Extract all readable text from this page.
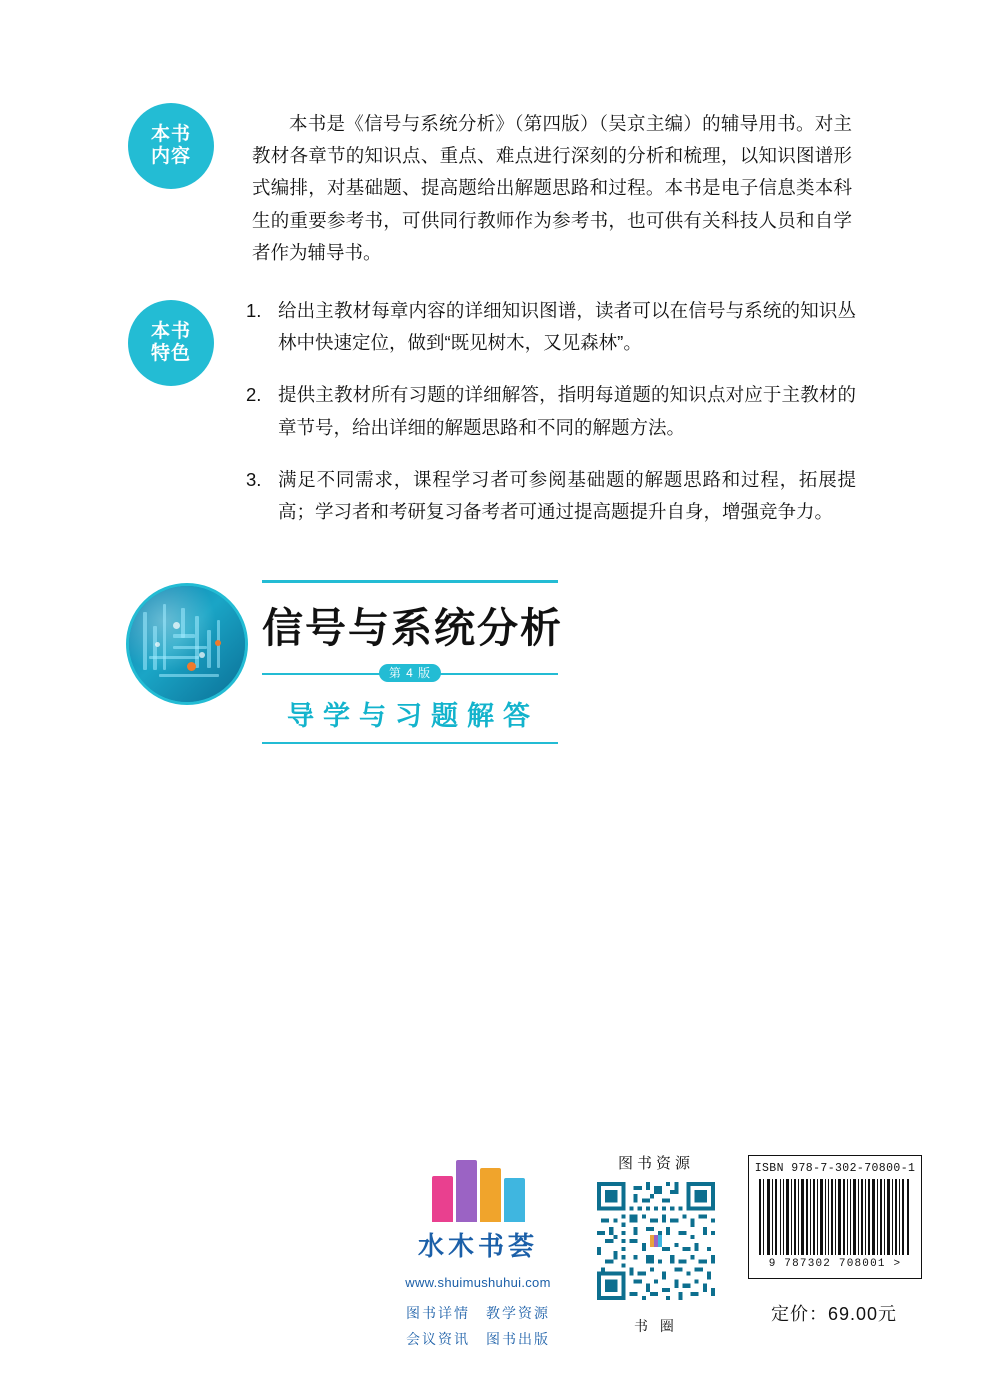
本书
内容
本书是《信号与系统分析》（第四版）（吴京主编）的辅导用书。对主教材各章节的知识点、重点、难点进行深刻的分析和梳理，以知识图谱形式编排，对基础题、提高题给出解题思路和过程。本书是电子信息类本科生的重要参考书，可供同行教师作为参考书，也可供有关科技人员和自学者作为辅导书。
本书
特色
1. 给出主教材每章内容的详细知识图谱，读者可以在信号与系统的知识丛林中快速定位，做到“既见树木，又见森林”。
2. 提供主教材所有习题的详细解答，指明每道题的知识点对应于主教材的章节号，给出详细的解题思路和不同的解题方法。
3. 满足不同需求，课程学习者可参阅基础题的解题思路和过程，拓展提高；学习者和考研复习备考者可通过提高题提升自身，增强竞争力。
信号与系统分析
第 4 版
导学与习题解答
水木书荟
www.shuimushuhui.com
图书详情　教学资源
会议资讯　图书出版
图书资源
书 圈
ISBN 978-7-302-70800-1
9 787302 708001 >
定价：69.00元
